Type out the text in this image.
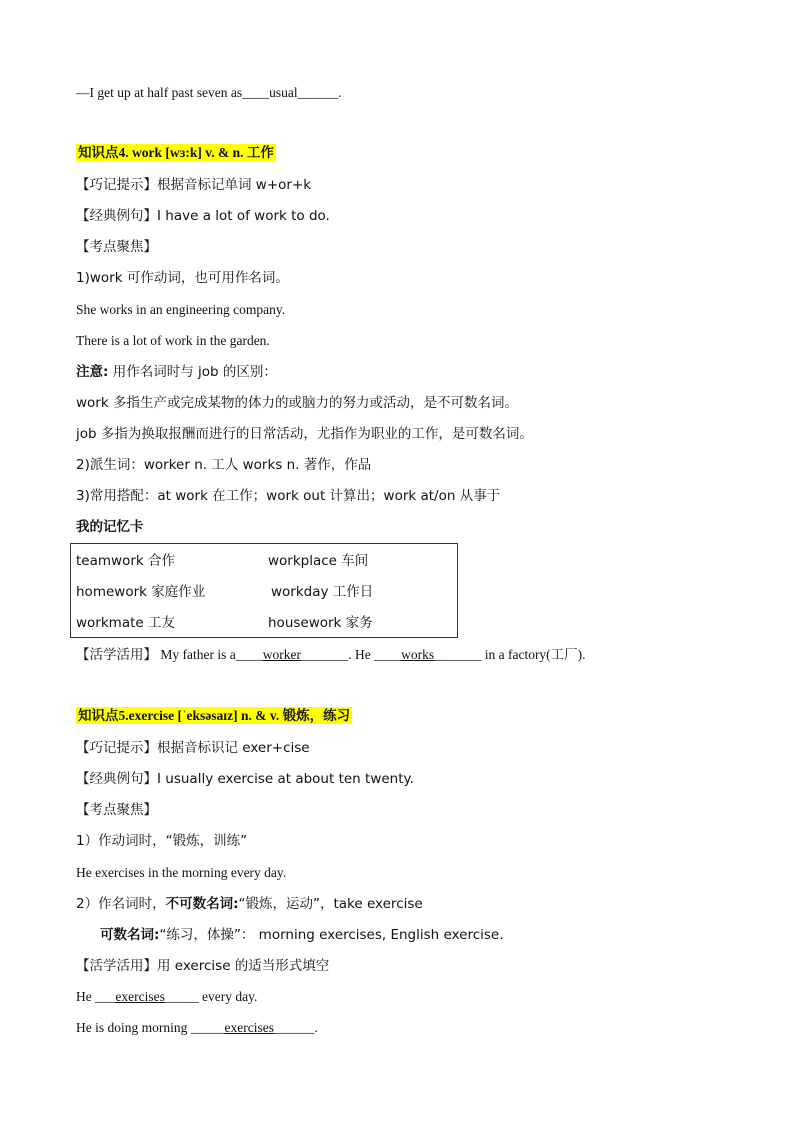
—I get up at half past seven as____usual______.
知识点4. work [wɜ:k] v. & n. 工作
【巧记提示】根据音标记单词 w+or+k
【经典例句】I have a lot of work to do.
【考点聚焦】
1)work 可作动词，也可用作名词。
She works in an engineering company.
There is a lot of work in the garden.
注意: 用作名词时与 job 的区别：
work 多指生产或完成某物的体力的或脑力的努力或活动，是不可数名词。
job 多指为换取报酬而进行的日常活动，尤指作为职业的工作，是可数名词。
2)派生词：worker n. 工人 works n. 著作，作品
3)常用搭配：at work 在工作；work out 计算出；work at/on 从事于
我的记忆卡
teamwork 合作	workplace 车间
homework 家庭作业	workday 工作日
workmate 工友	housework 家务
【活学活用】 My father is a____worker_______. He ____works_______ in a factory(工厂).
知识点5.exercise [ˈeksəsaɪz] n. & v. 锻炼，练习
【巧记提示】根据音标识记 exer+cise
【经典例句】I usually exercise at about ten twenty.
【考点聚焦】
1）作动词时，“锻炼，训练”
He exercises in the morning every day.
2）作名词时，不可数名词:“锻炼，运动”，take exercise
可数名词:“练习，体操”： morning exercises, English exercise.
【活学活用】用 exercise 的适当形式填空
He ___exercises_____ every day.
He is doing morning _____exercises______.
